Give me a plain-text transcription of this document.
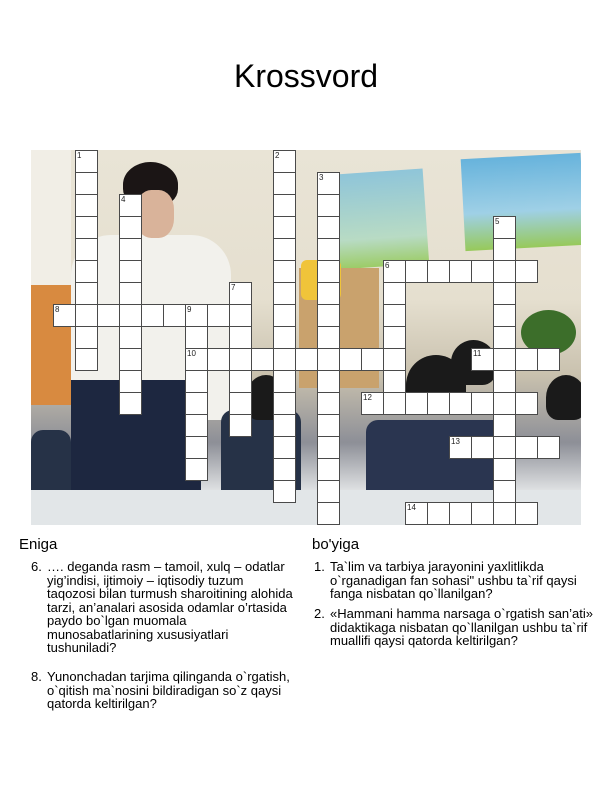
Krossvord
1	2
3
4
5
6
7
8	9
10	11
12
13
14
Eniga	bo'yiga
6. …. deganda rasm – tamoil, xulq – odatlar yig’indisi, ijtimoiy – iqtisodiy tuzum taqozosi bilan turmush sharoitining alohida tarzi, an’analari asosida odamlar o’rtasida paydo bo`lgan muomala munosabatlarining xususiyatlari tushuniladi?
8. Yunonchadan tarjima qilinganda o`rgatish, o`qitish ma`nosini bildiradigan so`z qaysi qatorda keltirilgan?
1. Ta`lim va tarbiya jarayonini yaxlitlikda o`rganadigan fan sohasi" ushbu ta`rif qaysi fanga nisbatan qo`llanilgan?
2. «Hammani hamma narsaga o`rgatish san’ati» didaktikaga nisbatan qo`llanilgan ushbu ta`rif muallifi qaysi qatorda keltirilgan?
